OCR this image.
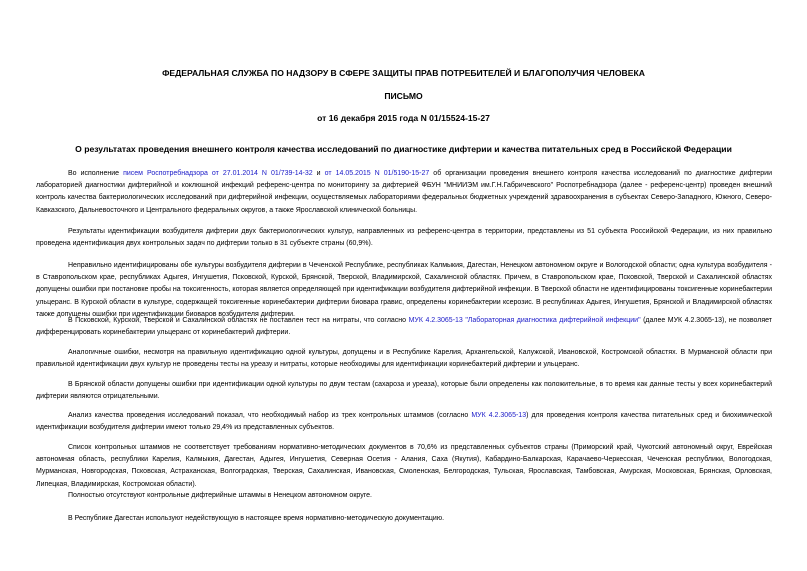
ФЕДЕРАЛЬНАЯ СЛУЖБА ПО НАДЗОРУ В СФЕРЕ ЗАЩИТЫ ПРАВ ПОТРЕБИТЕЛЕЙ И БЛАГОПОЛУЧИЯ ЧЕЛОВЕКА
ПИСЬМО
от 16 декабря 2015 года N 01/15524-15-27
О результатах проведения внешнего контроля качества исследований по диагностике дифтерии и качества питательных сред в Российской Федерации

Во исполнение писем Роспотребнадзора от 27.01.2014 N 01/739-14-32 и от 14.05.2015 N 01/5190-15-27 об организации проведения внешнего контроля качества исследований по диагностике дифтерии лабораторией диагностики дифтерийной и коклюшной инфекций референс-центра по мониторингу за дифтерией ФБУН "МНИИЭМ им.Г.Н.Габричевского" Роспотребнадзора (далее - референс-центр) проведен внешний контроль качества бактериологических исследований при дифтерийной инфекции, осуществляемых лабораториями федеральных бюджетных учреждений здравоохранения в субъектах Северо-Западного, Южного, Северо-Кавказского, Дальневосточного и Центрального федеральных округов, а также Ярославской клинической больницы.

Результаты идентификации возбудителя дифтерии двух бактериологических культур, направленных из референс-центра в территории, представлены из 51 субъекта Российской Федерации, из них правильно проведена идентификация двух контрольных задач по дифтерии только в 31 субъекте страны (60,9%).

Неправильно идентифицированы обе культуры возбудителя дифтерии в Чеченской Республике, республиках Калмыкия, Дагестан, Ненецком автономном округе и Вологодской области; одна культура возбудителя - в Ставропольском крае, республиках Адыгея, Ингушетия, Псковской, Курской, Брянской, Тверской, Владимирской, Сахалинской областях. Причем, в Ставропольском крае, Псковской, Тверской и Сахалинской областях допущены ошибки при постановке пробы на токсигенность, которая является определяющей при идентификации возбудителя дифтерийной инфекции. В Тверской области не идентифицированы токсигенные коринебактерии ульцеранс. В Курской области в культуре, содержащей токсигенные коринебактерии дифтерии биовара гравис, определены коринебактерии ксерозис. В республиках Адыгея, Ингушетия, Брянской и Владимирской областях также допущены ошибки при идентификации биоваров возбудителя дифтерии.

В Псковской, Курской, Тверской и Сахалинской областях не поставлен тест на нитраты, что согласно МУК 4.2.3065-13 "Лабораторная диагностика дифтерийной инфекции" (далее МУК 4.2.3065-13), не позволяет дифференцировать коринебактерии ульцеранс от коринебактерий дифтерии.

Аналогичные ошибки, несмотря на правильную идентификацию одной культуры, допущены и в Республике Карелия, Архангельской, Калужской, Ивановской, Костромской областях. В Мурманской области при правильной идентификации двух культур не проведены тесты на уреазу и нитраты, которые необходимы для идентификации коринебактерий дифтерии и ульцеранс.

В Брянской области допущены ошибки при идентификации одной культуры по двум тестам (сахароза и уреаза), которые были определены как положительные, в то время как данные тесты у всех коринебактерий дифтерии являются отрицательными.

Анализ качества проведения исследований показал, что необходимый набор из трех контрольных штаммов (согласно МУК 4.2.3065-13) для проведения контроля качества питательных сред и биохимической идентификации возбудителя дифтерии имеют только 29,4% из представленных субъектов.

Список контрольных штаммов не соответствует требованиям нормативно-методических документов в 70,6% из представленных субъектов страны (Приморский край, Чукотский автономный округ, Еврейская автономная область, республики Карелия, Калмыкия, Дагестан, Адыгея, Ингушетия, Северная Осетия - Алания, Саха (Якутия), Кабардино-Балкарская, Карачаево-Черкесская, Чеченская республики, Вологодская, Мурманская, Новгородская, Псковская, Астраханская, Волгоградская, Тверская, Сахалинская, Ивановская, Смоленская, Белгородская, Тульская, Ярославская, Тамбовская, Амурская, Московская, Брянская, Орловская, Липецкая, Владимирская, Костромская области).

Полностью отсутствуют контрольные дифтерийные штаммы в Ненецком автономном округе.

В Республике Дагестан используют недействующую в настоящее время нормативно-методическую документацию.
